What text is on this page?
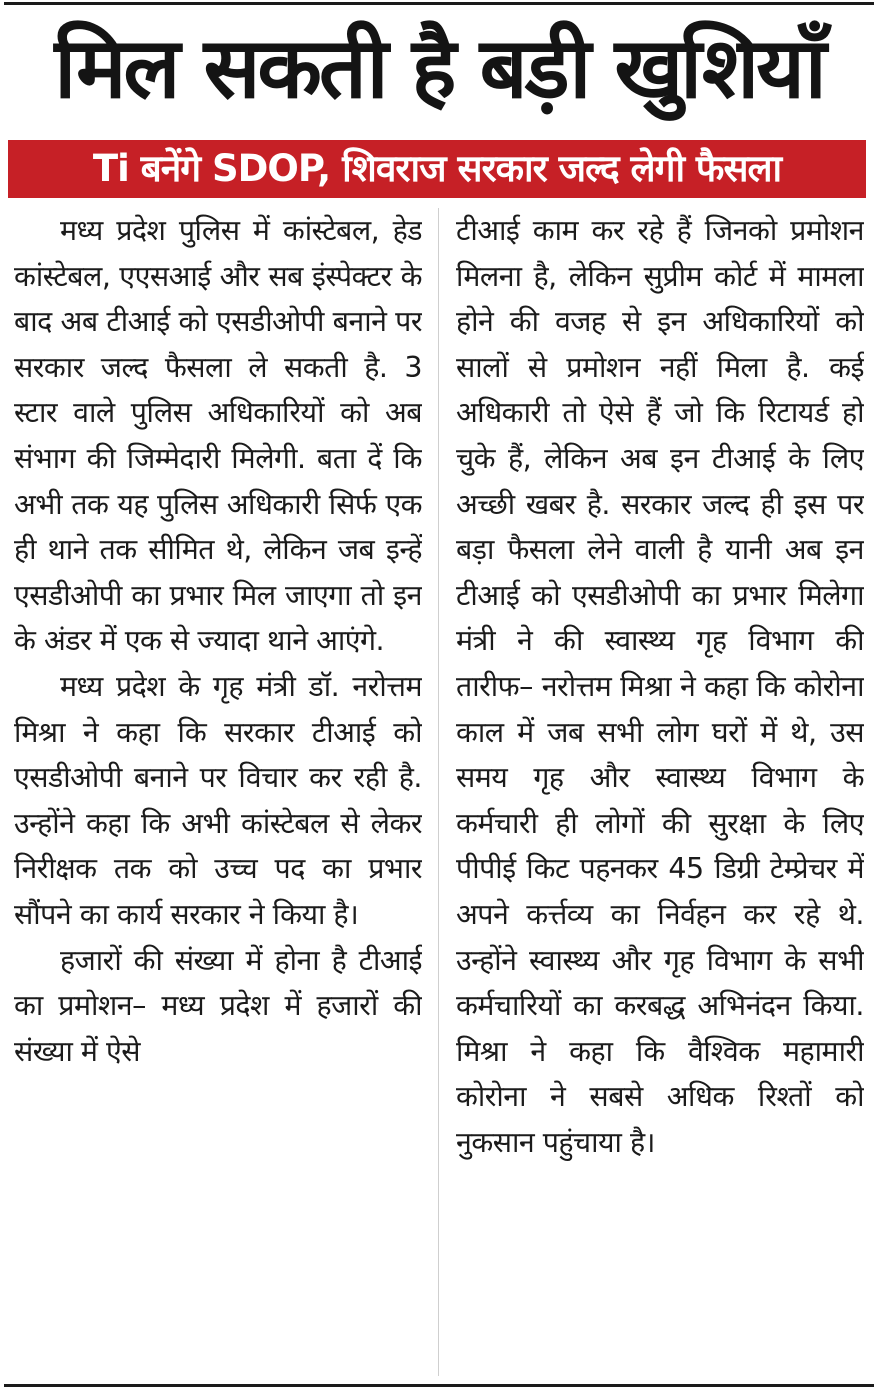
मिल सकती है बड़ी खुशियाँ
Ti बनेंगे SDOP, शिवराज सरकार जल्द लेगी फैसला

मध्य प्रदेश पुलिस में कांस्टेबल, हेड कांस्टेबल, एएसआई और सब इंस्पेक्टर के बाद अब टीआई को एसडीओपी बनाने पर सरकार जल्द फैसला ले सकती है. 3 स्टार वाले पुलिस अधिकारियों को अब संभाग की जिम्मेदारी मिलेगी. बता दें कि अभी तक यह पुलिस अधिकारी सिर्फ एक ही थाने तक सीमित थे, लेकिन जब इन्हें एसडीओपी का प्रभार मिल जाएगा तो इन के अंडर में एक से ज्यादा थाने आएंगे.

मध्य प्रदेश के गृह मंत्री डॉ. नरोत्तम मिश्रा ने कहा कि सरकार टीआई को एसडीओपी बनाने पर विचार कर रही है. उन्होंने कहा कि अभी कांस्टेबल से लेकर निरीक्षक तक को उच्च पद का प्रभार सौंपने का कार्य सरकार ने किया है।

हजारों की संख्या में होना है टीआई का प्रमोशन– मध्य प्रदेश में हजारों की संख्या में ऐसे

टीआई काम कर रहे हैं जिनको प्रमोशन मिलना है, लेकिन सुप्रीम कोर्ट में मामला होने की वजह से इन अधिकारियों को सालों से प्रमोशन नहीं मिला है. कई अधिकारी तो ऐसे हैं जो कि रिटायर्ड हो चुके हैं, लेकिन अब इन टीआई के लिए अच्छी खबर है. सरकार जल्द ही इस पर बड़ा फैसला लेने वाली है यानी अब इन टीआई को एसडीओपी का प्रभार मिलेगा मंत्री ने की स्वास्थ्य गृह विभाग की तारीफ– नरोत्तम मिश्रा ने कहा कि कोरोना काल में जब सभी लोग घरों में थे, उस समय गृह और स्वास्थ्य विभाग के कर्मचारी ही लोगों की सुरक्षा के लिए पीपीई किट पहनकर 45 डिग्री टेम्प्रेचर में अपने कर्त्तव्य का निर्वहन कर रहे थे. उन्होंने स्वास्थ्य और गृह विभाग के सभी कर्मचारियों का करबद्ध अभिनंदन किया. मिश्रा ने कहा कि वैश्विक महामारी कोरोना ने सबसे अधिक रिश्तों को नुकसान पहुंचाया है।
